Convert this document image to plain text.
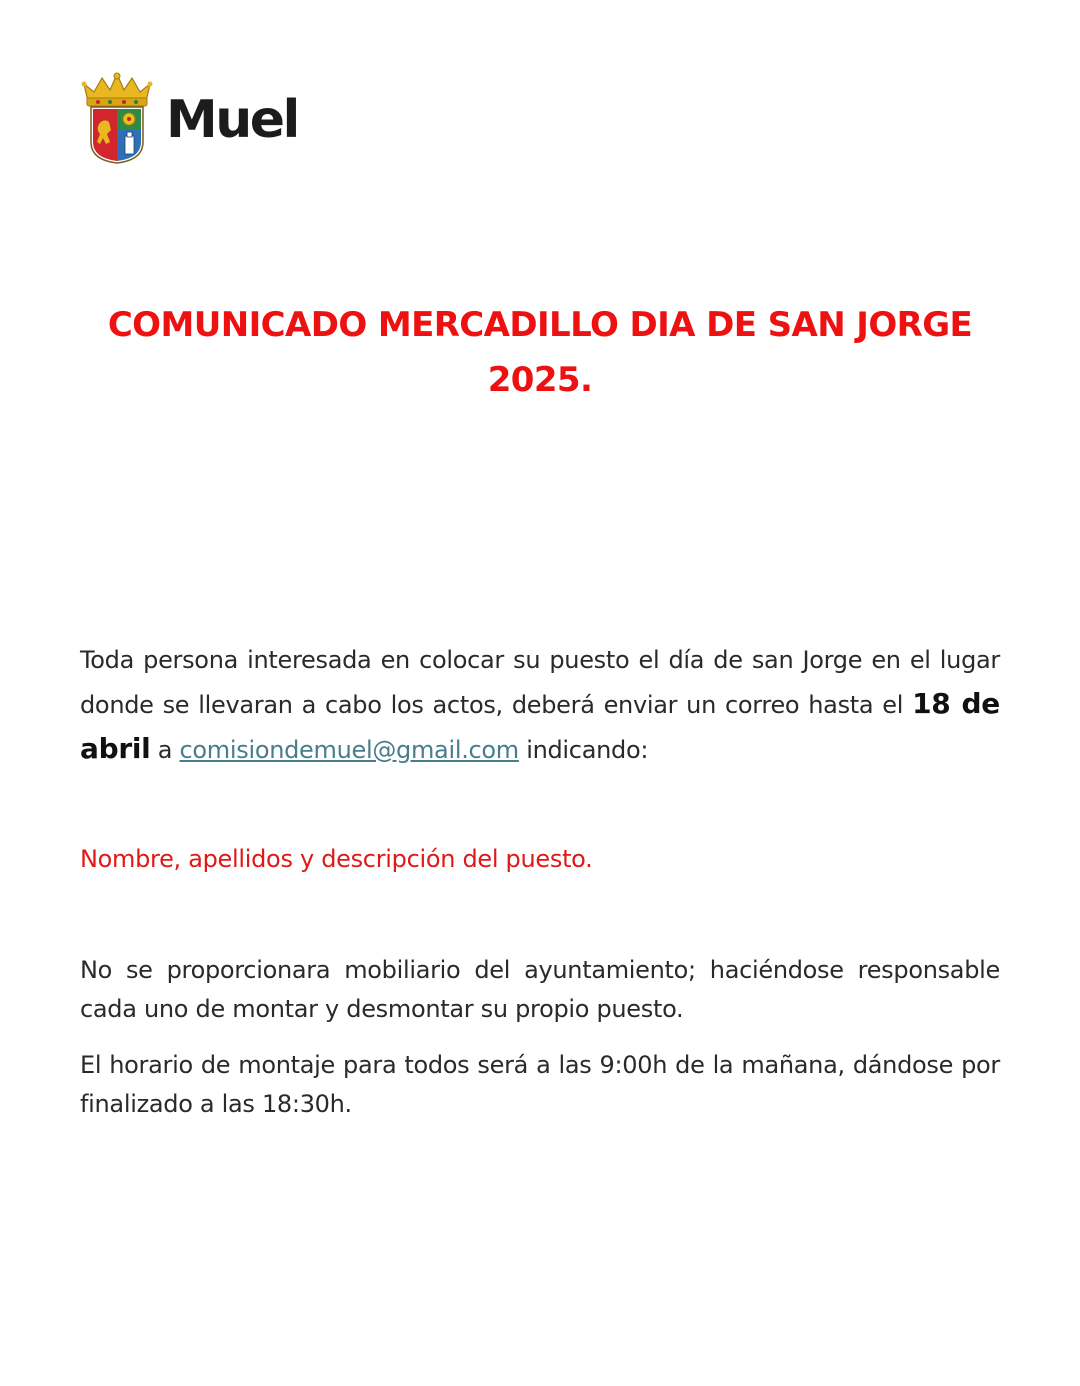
Muel
COMUNICADO MERCADILLO DIA DE SAN JORGE
2025.

Toda persona interesada en colocar su puesto el día de san Jorge en el lugar donde se llevaran a cabo los actos, deberá enviar un correo hasta el 18 de abril a comisiondemuel@gmail.com indicando:

Nombre, apellidos y descripción del puesto.

No se proporcionara mobiliario del ayuntamiento; haciéndose responsable cada uno de montar y desmontar su propio puesto.

El horario de montaje para todos será a las 9:00h de la mañana, dándose por finalizado a las 18:30h.
